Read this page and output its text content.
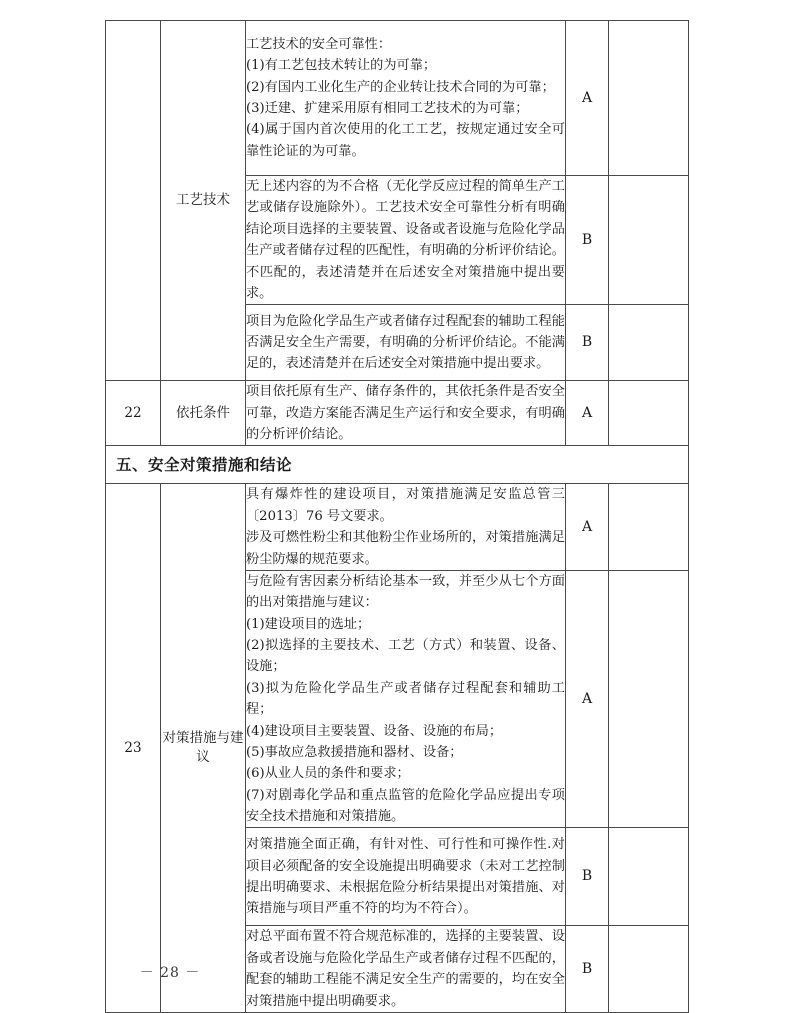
	工艺技术	工艺技术的安全可靠性：
(1)有工艺包技术转让的为可靠；
(2)有国内工业化生产的企业转让技术合同的为可靠；
(3)迁建、扩建采用原有相同工艺技术的为可靠；
(4)属于国内首次使用的化工工艺，按规定通过安全可靠性论证的为可靠。	A	

		无上述内容的为不合格（无化学反应过程的简单生产工艺或储存设施除外）。工艺技术安全可靠性分析有明确结论项目选择的主要装置、设备或者设施与危险化学品生产或者储存过程的匹配性，有明确的分析评价结论。不匹配的，表述清楚并在后述安全对策措施中提出要求。	B	

		项目为危险化学品生产或者储存过程配套的辅助工程能否满足安全生产需要，有明确的分析评价结论。不能满足的，表述清楚并在后述安全对策措施中提出要求。	B	
22	依托条件	项目依托原有生产、储存条件的，其依托条件是否安全可靠，改造方案能否满足生产运行和安全要求，有明确的分析评价结论。	A	
五、安全对策措施和结论				
23	对策措施与建议	具有爆炸性的建设项目，对策措施满足安监总管三〔2013〕76 号文要求。
涉及可燃性粉尘和其他粉尘作业场所的，对策措施满足粉尘防爆的规范要求。	A	

与危险有害因素分析结论基本一致，并至少从七个方面的出对策措施与建议：
(1)建设项目的选址；
(2)拟选择的主要技术、工艺（方式）和装置、设备、设施；
(3)拟为危险化学品生产或者储存过程配套和辅助工程；
(4)建设项目主要装置、设备、设施的布局；
(5)事故应急救援措施和器材、设备；
(6)从业人员的条件和要求；
(7)对剧毒化学品和重点监管的危险化学品应提出专项安全技术措施和对策措施。
	A	

		对策措施全面正确，有针对性、可行性和可操作性.对项目必须配备的安全设施提出明确要求（未对工艺控制提出明确要求、未根据危险分析结果提出对策措施、对策措施与项目严重不符的均为不符合）。	B	

		对总平面布置不符合规范标准的，选择的主要装置、设备或者设施与危险化学品生产或者储存过程不匹配的，配套的辅助工程能不满足安全生产的需要的，均在安全对策措施中提出明确要求。	B	
－ 28 －
